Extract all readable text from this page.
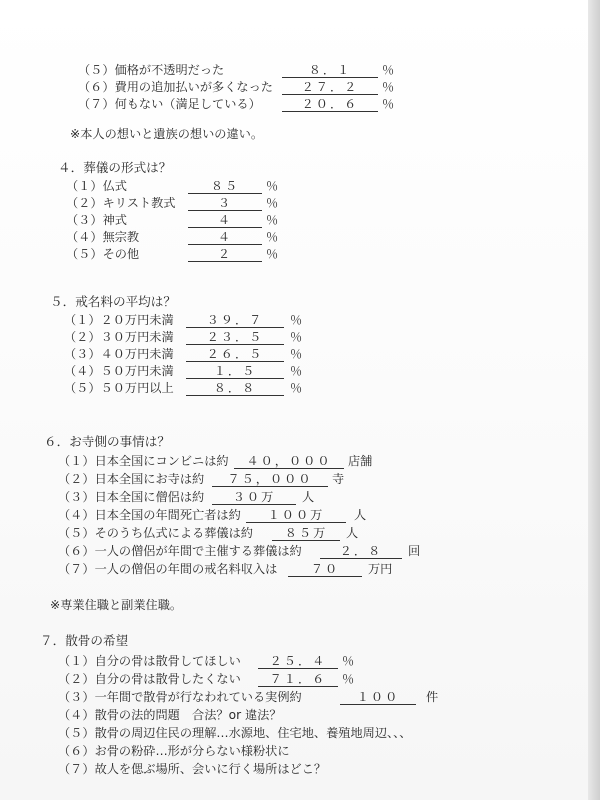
（５）価格が不透明だった	８．１	％
（６）費用の追加払いが多くなった	２７．２	％
（７）何もない（満足している）	２０．６	％
※本人の想いと遺族の想いの違い。
４．葬儀の形式は？
（１）仏式	８５	％
（２）キリスト教式	３	％
（３）神式	４	％
（４）無宗教	４	％
（５）その他	２	％
５．戒名料の平均は？
（１）２０万円未満	３９．７	％
（２）３０万円未満	２３．５	％
（３）４０万円未満	２６．５	％
（４）５０万円未満	１．５	％
（５）５０万円以上	８．８	％
６．お寺側の事情は？
（１）日本全国にコンビニは約	４０，０００	店舗
（２）日本全国にお寺は約	７５，０００	寺
（３）日本全国に僧侶は約	３０万	人
（４）日本全国の年間死亡者は約	１００万	人
（５）そのうち仏式による葬儀は約	８５万	人
（６）一人の僧侶が年間で主催する葬儀は約	２．８	回
（７）一人の僧侶の年間の戒名料収入は	７０	万円
※専業住職と副業住職。
７．散骨の希望
（１）自分の骨は散骨してほしい	２５．４	％
（２）自分の骨は散骨したくない	７１．６	％
（３）一年間で散骨が行なわれている実例約	１００	件
（４）散骨の法的問題　合法？or 違法？
（５）散骨の周辺住民の理解…水源地、住宅地、養殖地周辺、、、
（６）お骨の粉砕…形が分らない様粉状に
（７）故人を偲ぶ場所、会いに行く場所はどこ？
